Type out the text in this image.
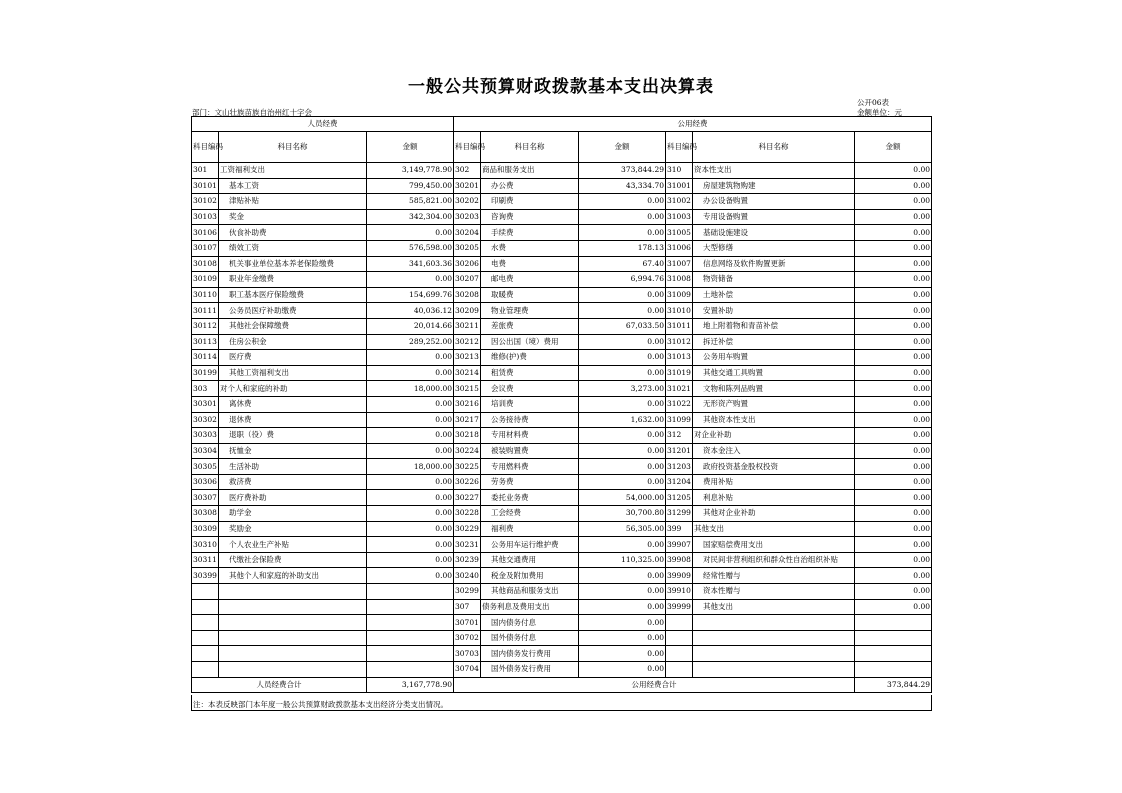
一般公共预算财政拨款基本支出决算表
公开06表
部门：文山壮族苗族自治州红十字会	金额单位：元
人员经费			公用经费					
科目编码	科目名称	金额	科目编码	科目名称	金额	科目编码	科目名称	金额
301	工资福利支出	3,149,778.90	302	商品和服务支出	373,844.29	310	资本性支出	0.00
30101	基本工资	799,450.00	30201	办公费	43,334.70	31001	房屋建筑物购建	0.00
30102	津贴补贴	585,821.00	30202	印刷费	0.00	31002	办公设备购置	0.00
30103	奖金	342,304.00	30203	咨询费	0.00	31003	专用设备购置	0.00
30106	伙食补助费	0.00	30204	手续费	0.00	31005	基础设施建设	0.00
30107	绩效工资	576,598.00	30205	水费	178.13	31006	大型修缮	0.00
30108	机关事业单位基本养老保险缴费	341,603.36	30206	电费	67.40	31007	信息网络及软件购置更新	0.00
30109	职业年金缴费	0.00	30207	邮电费	6,994.76	31008	物资储备	0.00
30110	职工基本医疗保险缴费	154,699.76	30208	取暖费	0.00	31009	土地补偿	0.00
30111	公务员医疗补助缴费	40,036.12	30209	物业管理费	0.00	31010	安置补助	0.00
30112	其他社会保障缴费	20,014.66	30211	差旅费	67,033.50	31011	地上附着物和青苗补偿	0.00
30113	住房公积金	289,252.00	30212	因公出国（境）费用	0.00	31012	拆迁补偿	0.00
30114	医疗费	0.00	30213	维修(护)费	0.00	31013	公务用车购置	0.00
30199	其他工资福利支出	0.00	30214	租赁费	0.00	31019	其他交通工具购置	0.00
303	对个人和家庭的补助	18,000.00	30215	会议费	3,273.00	31021	文物和陈列品购置	0.00
30301	离休费	0.00	30216	培训费	0.00	31022	无形资产购置	0.00
30302	退休费	0.00	30217	公务接待费	1,632.00	31099	其他资本性支出	0.00
30303	退职（役）费	0.00	30218	专用材料费	0.00	312	对企业补助	0.00
30304	抚恤金	0.00	30224	被装购置费	0.00	31201	资本金注入	0.00
30305	生活补助	18,000.00	30225	专用燃料费	0.00	31203	政府投资基金股权投资	0.00
30306	救济费	0.00	30226	劳务费	0.00	31204	费用补贴	0.00
30307	医疗费补助	0.00	30227	委托业务费	54,000.00	31205	利息补贴	0.00
30308	助学金	0.00	30228	工会经费	30,700.80	31299	其他对企业补助	0.00
30309	奖励金	0.00	30229	福利费	56,305.00	399	其他支出	0.00
30310	个人农业生产补贴	0.00	30231	公务用车运行维护费	0.00	39907	国家赔偿费用支出	0.00
30311	代缴社会保险费	0.00	30239	其他交通费用	110,325.00	39908	对民间非营利组织和群众性自治组织补贴	0.00
30399	其他个人和家庭的补助支出	0.00	30240	税金及附加费用	0.00	39909	经常性赠与	0.00
			30299	其他商品和服务支出	0.00	39910	资本性赠与	0.00
			307	债务利息及费用支出	0.00	39999	其他支出	0.00
			30701	国内债务付息	0.00			
			30702	国外债务付息	0.00			
			30703	国内债务发行费用	0.00			
			30704	国外债务发行费用	0.00			
人员经费合计		3,167,778.90	公用经费合计					373,844.29
注：本表反映部门本年度一般公共预算财政拨款基本支出经济分类支出情况。
